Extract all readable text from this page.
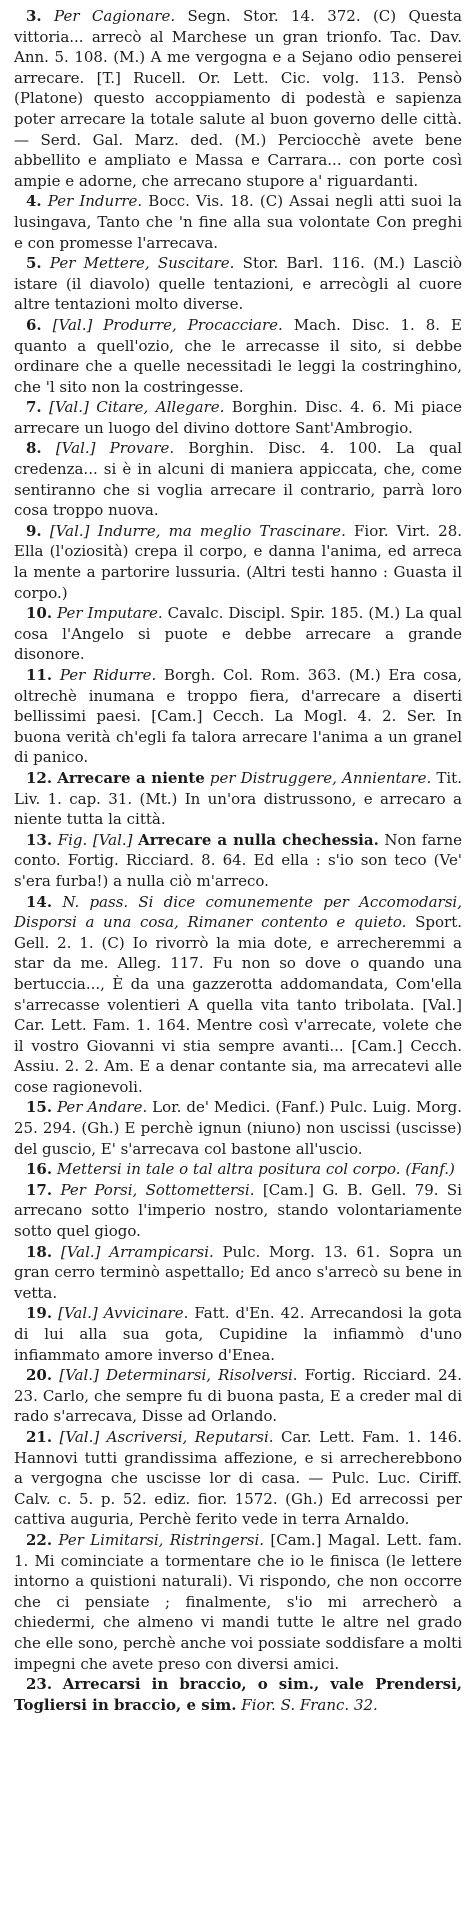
3. Per Cagionare. Segn. Stor. 14. 372. (C) Questa vittoria... arrecò al Marchese un gran trionfo. Tac. Dav. Ann. 5. 108. (M.) A me vergogna e a Sejano odio penserei arrecare. [T.] Rucell. Or. Lett. Cic. volg. 113. Pensò (Platone) questo accoppiamento di podestà e sapienza poter arrecare la totale salute al buon governo delle città. — Serd. Gal. Marz. ded. (M.) Perciocchè avete bene abbellito e ampliato e Massa e Carrara... con porte così ampie e adorne, che arrecano stupore a' riguardanti.

4. Per Indurre. Bocc. Vis. 18. (C) Assai negli atti suoi la lusingava, Tanto che 'n fine alla sua volontate Con preghi e con promesse l'arrecava.

5. Per Mettere, Suscitare. Stor. Barl. 116. (M.) Lasciò istare (il diavolo) quelle tentazioni, e arrecògli al cuore altre tentazioni molto diverse.

6. [Val.] Produrre, Procacciare. Mach. Disc. 1. 8. E quanto a quell'ozio, che le arrecasse il sito, si debbe ordinare che a quelle necessitadi le leggi la costringhino, che 'l sito non la costringesse.

7. [Val.] Citare, Allegare. Borghin. Disc. 4. 6. Mi piace arrecare un luogo del divino dottore Sant'Ambrogio.

8. [Val.] Provare. Borghin. Disc. 4. 100. La qual credenza... si è in alcuni di maniera appiccata, che, come sentiranno che si voglia arrecare il contrario, parrà loro cosa troppo nuova.

9. [Val.] Indurre, ma meglio Trascinare. Fior. Virt. 28. Ella (l'oziosità) crepa il corpo, e danna l'anima, ed arreca la mente a partorire lussuria. (Altri testi hanno : Guasta il corpo.)

10. Per Imputare. Cavalc. Discipl. Spir. 185. (M.) La qual cosa l'Angelo si puote e debbe arrecare a grande disonore.

11. Per Ridurre. Borgh. Col. Rom. 363. (M.) Era cosa, oltrechè inumana e troppo fiera, d'arrecare a diserti bellissimi paesi. [Cam.] Cecch. La Mogl. 4. 2. Ser. In buona verità ch'egli fa talora arrecare l'anima a un granel di panico.

12. Arrecare a niente per Distruggere, Annientare. Tit. Liv. 1. cap. 31. (Mt.) In un'ora distrussono, e arrecaro a niente tutta la città.

13. Fig. [Val.] Arrecare a nulla chechessia. Non farne conto. Fortig. Ricciard. 8. 64. Ed ella : s'io son teco (Ve' s'era furba!) a nulla ciò m'arreco.

14. N. pass. Si dice comunemente per Accomodarsi, Disporsi a una cosa, Rimaner contento e quieto. Sport. Gell. 2. 1. (C) Io rivorrò la mia dote, e arrecheremmi a star da me. Alleg. 117. Fu non so dove o quando una bertuccia..., È da una gazzerotta addomandata, Com'ella s'arrecasse volentieri A quella vita tanto tribolata. [Val.] Car. Lett. Fam. 1. 164. Mentre così v'arrecate, volete che il vostro Giovanni vi stia sempre avanti... [Cam.] Cecch. Assiu. 2. 2. Am. E a denar contante sia, ma arrecatevi alle cose ragionevoli.

15. Per Andare. Lor. de' Medici. (Fanf.) Pulc. Luig. Morg. 25. 294. (Gh.) E perchè ignun (niuno) non uscissi (uscisse) del guscio, E' s'arrecava col bastone all'uscio.

16. Mettersi in tale o tal altra positura col corpo. (Fanf.)

17. Per Porsi, Sottomettersi. [Cam.] G. B. Gell. 79. Si arrecano sotto l'imperio nostro, stando volontariamente sotto quel giogo.

18. [Val.] Arrampicarsi. Pulc. Morg. 13. 61. Sopra un gran cerro terminò aspettallo; Ed anco s'arrecò su bene in vetta.

19. [Val.] Avvicinare. Fatt. d'En. 42. Arrecandosi la gota di lui alla sua gota, Cupidine la infiammò d'uno infiammato amore inverso d'Enea.

20. [Val.] Determinarsi, Risolversi. Fortig. Ricciard. 24. 23. Carlo, che sempre fu di buona pasta, E a creder mal di rado s'arrecava, Disse ad Orlando.

21. [Val.] Ascriversi, Reputarsi. Car. Lett. Fam. 1. 146. Hannovi tutti grandissima affezione, e si arrecherebbono a vergogna che uscisse lor di casa. — Pulc. Luc. Ciriff. Calv. c. 5. p. 52. ediz. fior. 1572. (Gh.) Ed arrecossi per cattiva auguria, Perchè ferito vede in terra Arnaldo.

22. Per Limitarsi, Ristringersi. [Cam.] Magal. Lett. fam. 1. Mi cominciate a tormentare che io le finisca (le lettere intorno a quistioni naturali). Vi rispondo, che non occorre che ci pensiate ; finalmente, s'io mi arrecherò a chiedermi, che almeno vi mandi tutte le altre nel grado che elle sono, perchè anche voi possiate soddisfare a molti impegni che avete preso con diversi amici.

23. Arrecarsi in braccio, o sim., vale Prendersi, Togliersi in braccio, e sim. Fior. S. Franc. 32.
